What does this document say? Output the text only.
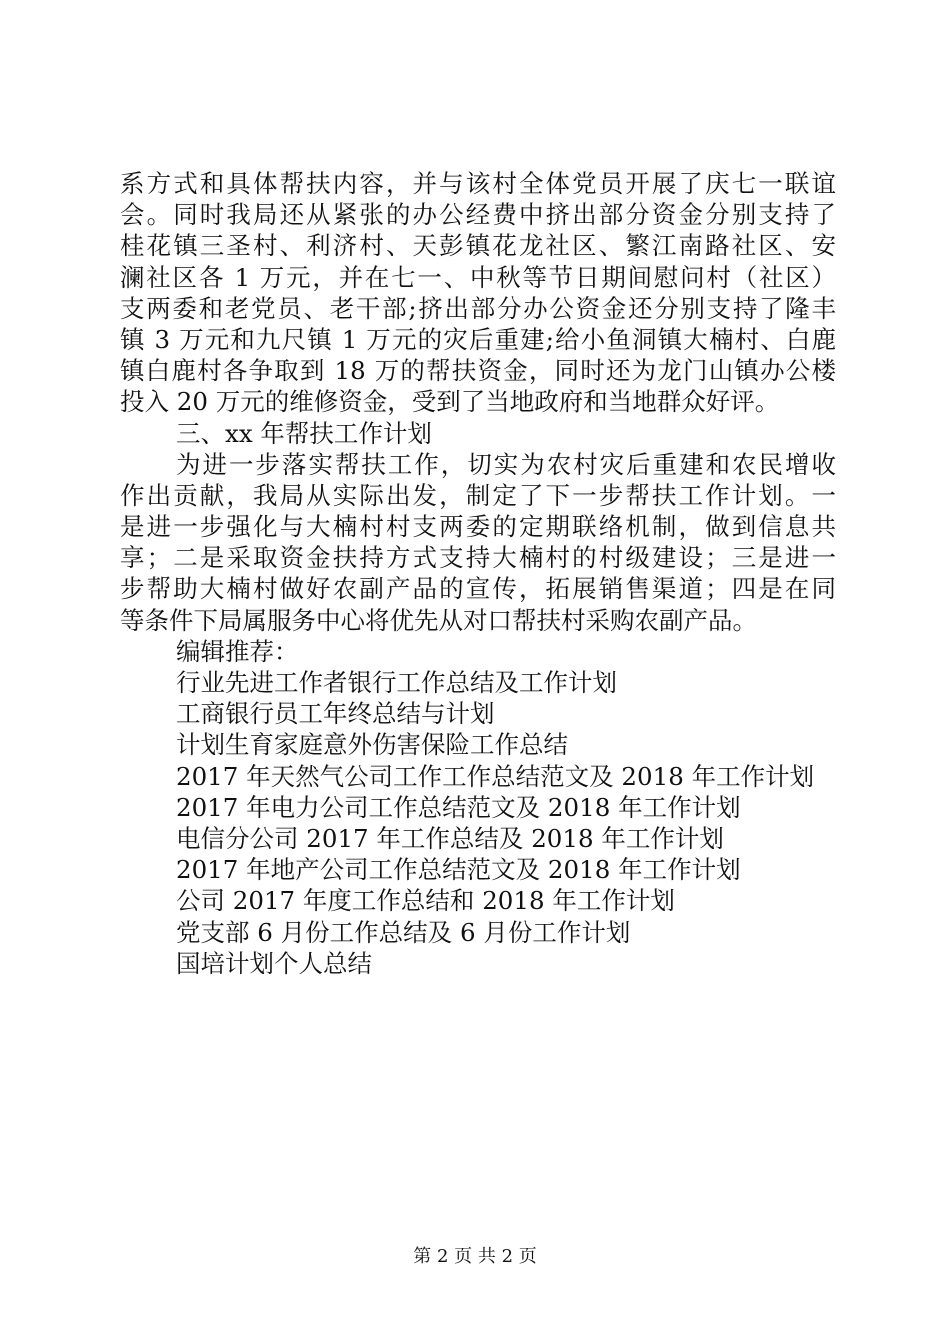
系方式和具体帮扶内容，并与该村全体党员开展了庆七一联谊
会。同时我局还从紧张的办公经费中挤出部分资金分别支持了
桂花镇三圣村、利济村、天彭镇花龙社区、繁江南路社区、安
澜社区各 1 万元，并在七一、中秋等节日期间慰问村（社区）
支两委和老党员、老干部;挤出部分办公资金还分别支持了隆丰
镇 3 万元和九尺镇 1 万元的灾后重建;给小鱼洞镇大楠村、白鹿
镇白鹿村各争取到 18 万的帮扶资金，同时还为龙门山镇办公楼
投入 20 万元的维修资金，受到了当地政府和当地群众好评。
三、xx 年帮扶工作计划
为进一步落实帮扶工作，切实为农村灾后重建和农民增收
作出贡献，我局从实际出发，制定了下一步帮扶工作计划。一
是进一步强化与大楠村村支两委的定期联络机制，做到信息共
享；二是采取资金扶持方式支持大楠村的村级建设；三是进一
步帮助大楠村做好农副产品的宣传，拓展销售渠道；四是在同
等条件下局属服务中心将优先从对口帮扶村采购农副产品。
编辑推荐：
行业先进工作者银行工作总结及工作计划
工商银行员工年终总结与计划
计划生育家庭意外伤害保险工作总结
2017 年天然气公司工作工作总结范文及 2018 年工作计划
2017 年电力公司工作总结范文及 2018 年工作计划
电信分公司 2017 年工作总结及 2018 年工作计划
2017 年地产公司工作总结范文及 2018 年工作计划
公司 2017 年度工作总结和 2018 年工作计划
党支部 6 月份工作总结及 6 月份工作计划
国培计划个人总结
第 2 页 共 2 页
